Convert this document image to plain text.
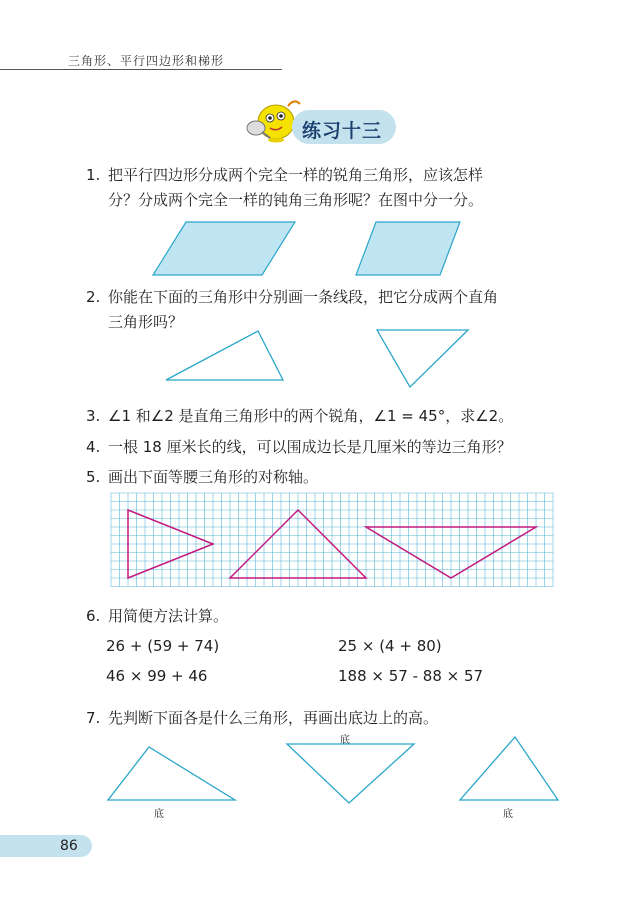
三角形、平行四边形和梯形
练习十三
1. 把平行四边形分成两个完全一样的锐角三角形，应该怎样
分？分成两个完全一样的钝角三角形呢？在图中分一分。
2. 你能在下面的三角形中分别画一条线段，把它分成两个直角
三角形吗？
3. ∠1 和∠2 是直角三角形中的两个锐角，∠1 = 45°，求∠2。
4. 一根 18 厘米长的线，可以围成边长是几厘米的等边三角形？
5. 画出下面等腰三角形的对称轴。
6. 用简便方法计算。
26 + (59 + 74)	25 × (4 + 80)
46 × 99 + 46	188 × 57 - 88 × 57
7. 先判断下面各是什么三角形，再画出底边上的高。
底
底
底
86
